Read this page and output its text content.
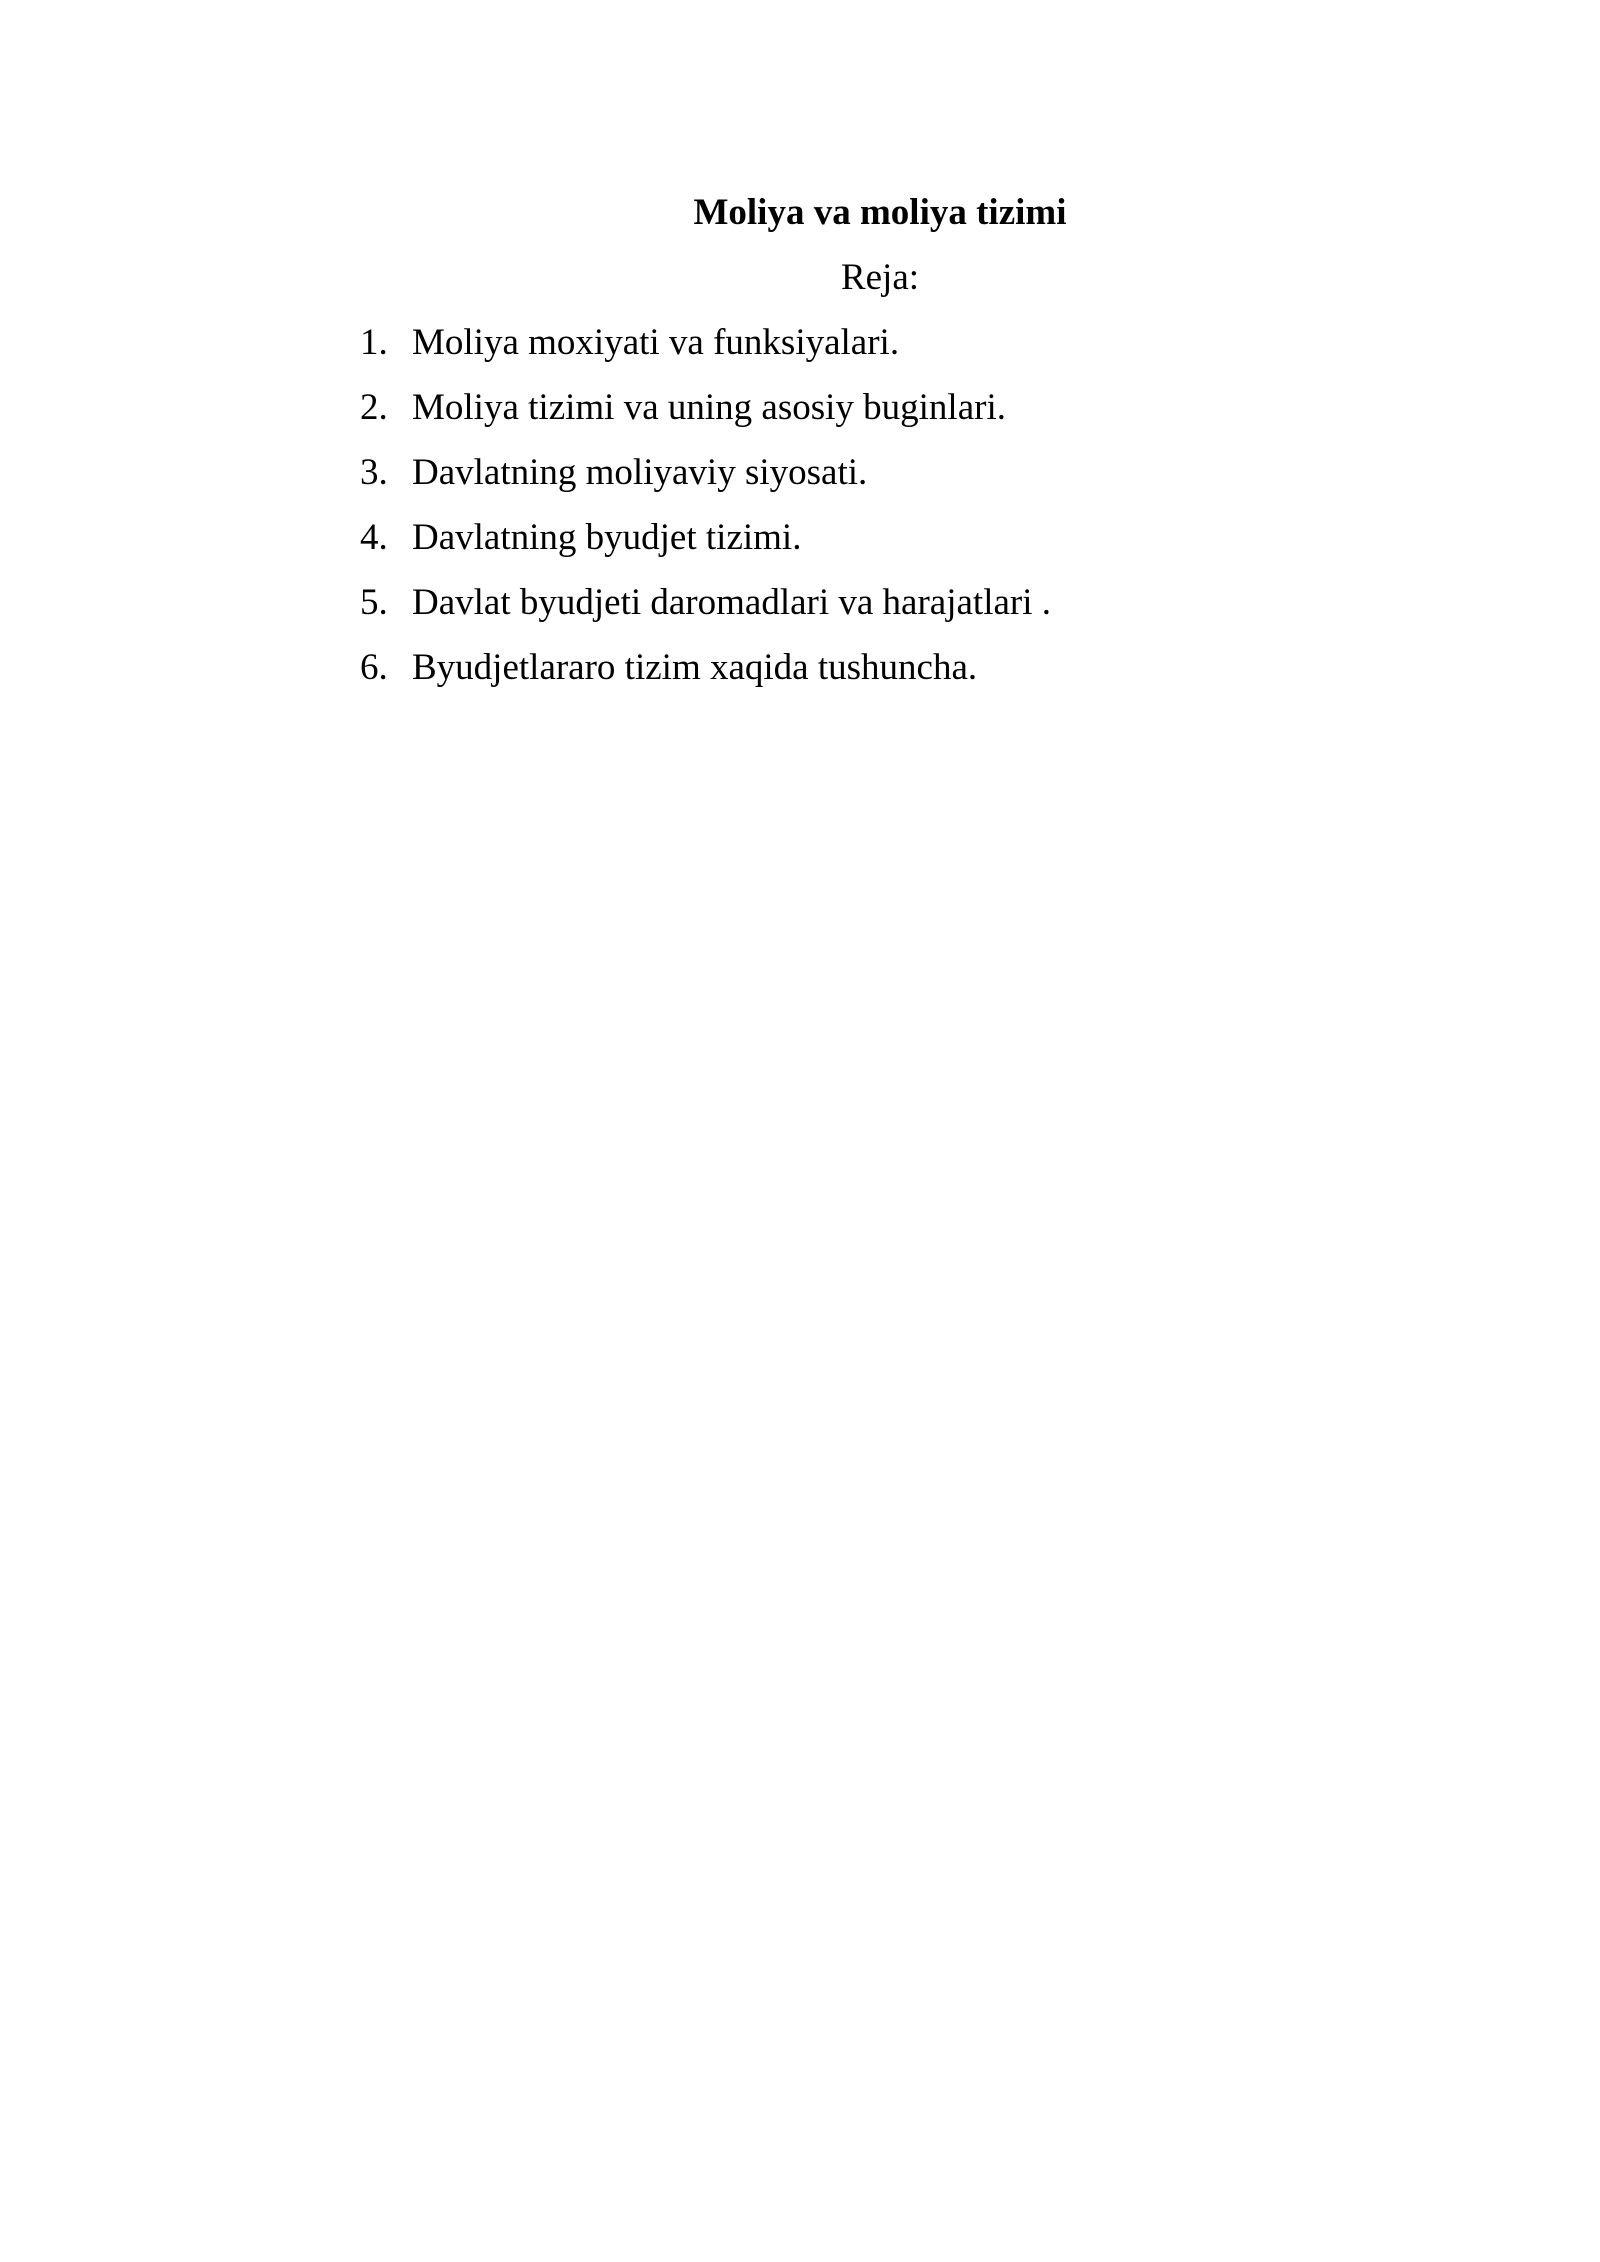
Moliya va moliya tizimi
Reja:
1. Moliya moxiyati va funksiyalari.
2. Moliya tizimi va uning asosiy buginlari.
3. Davlatning moliyaviy siyosati.
4. Davlatning byudjet tizimi.
5. Davlat byudjeti daromadlari va harajatlari .
6. Byudjetlararo tizim xaqida tushuncha.
